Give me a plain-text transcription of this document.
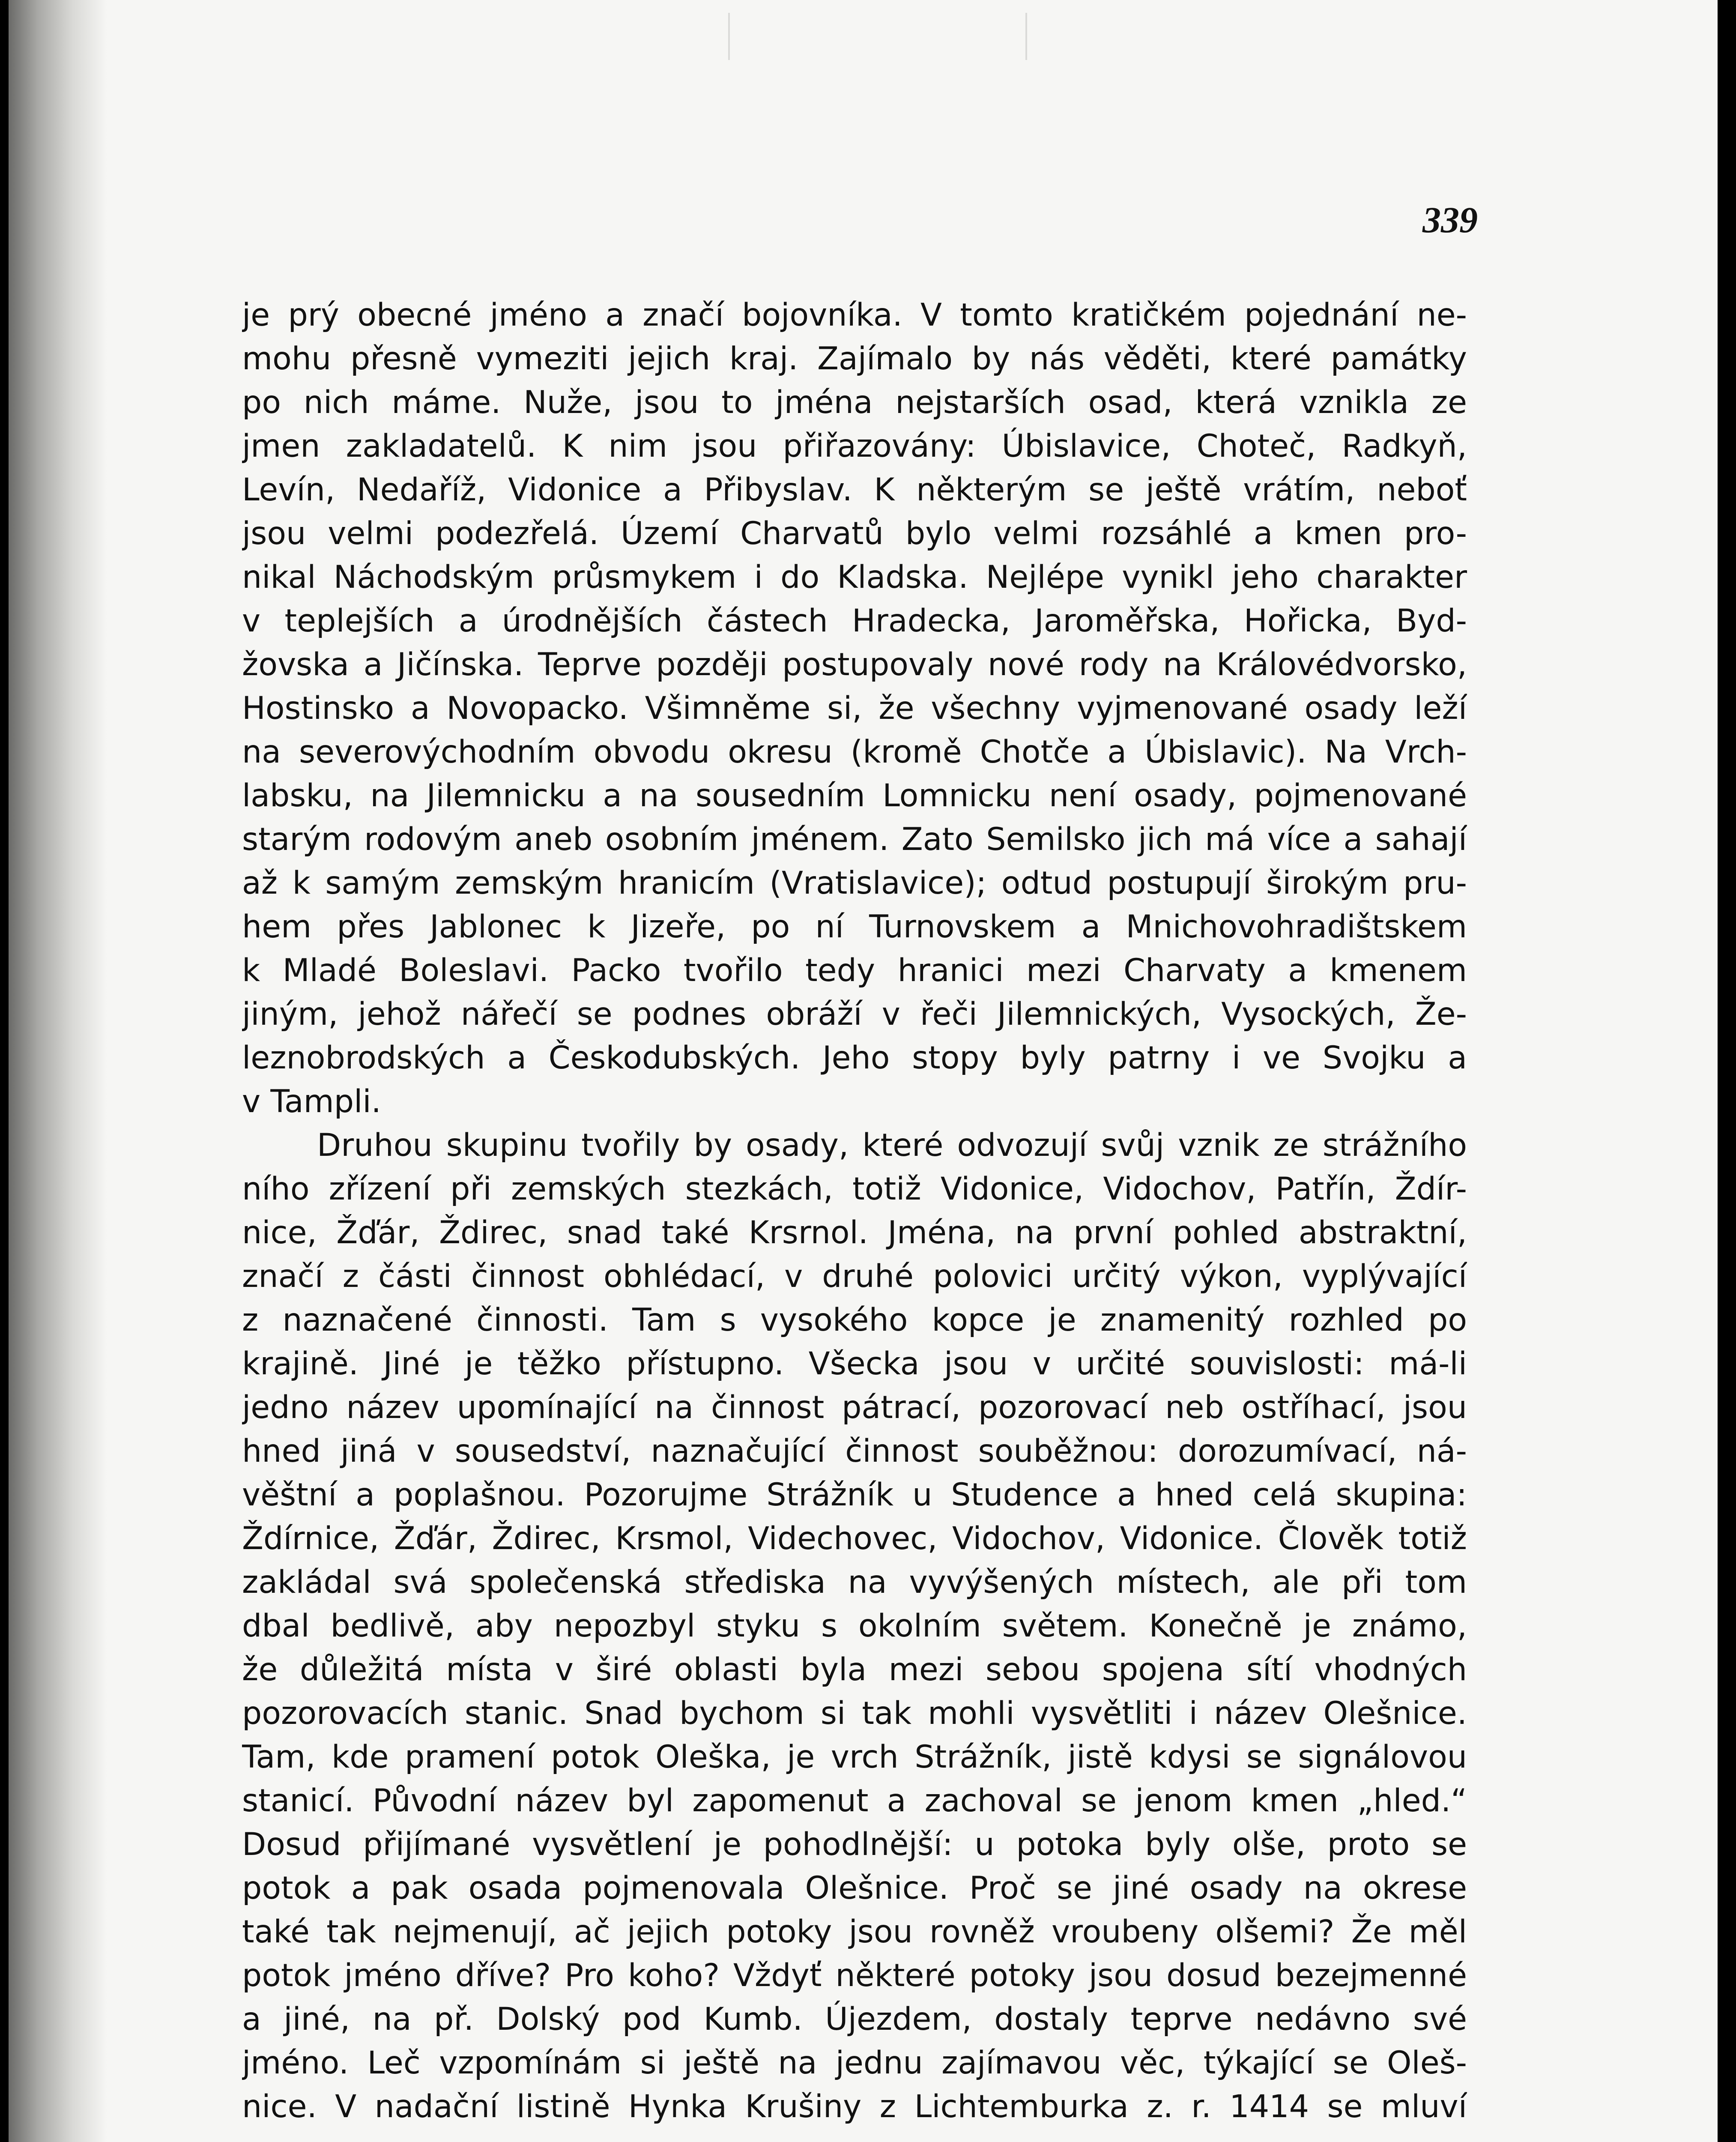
339
je prý obecné jméno a značí bojovníka. V tomto kratičkém pojednání ne-
mohu přesně vymeziti jejich kraj. Zajímalo by nás věděti, které památky
po nich máme. Nuže, jsou to jména nejstarších osad, která vznikla ze
jmen zakladatelů. K nim jsou přiřazovány: Úbislavice, Choteč, Radkyň,
Levín, Nedaříž, Vidonice a Přibyslav. K některým se ještě vrátím, neboť
jsou velmi podezřelá. Území Charvatů bylo velmi rozsáhlé a kmen pro-
nikal Náchodským průsmykem i do Kladska. Nejlépe vynikl jeho charakter
v teplejších a úrodnějších částech Hradecka, Jaroměřska, Hořicka, Byd-
žovska a Jičínska. Teprve později postupovaly nové rody na Královédvorsko,
Hostinsko a Novopacko. Všimněme si, že všechny vyjmenované osady leží
na severovýchodním obvodu okresu (kromě Chotče a Úbislavic). Na Vrch-
labsku, na Jilemnicku a na sousedním Lomnicku není osady, pojmenované
starým rodovým aneb osobním jménem. Zato Semilsko jich má více a sahají
až k samým zemským hranicím (Vratislavice); odtud postupují širokým pru-
hem přes Jablonec k Jizeře, po ní Turnovskem a Mnichovohradištskem
k Mladé Boleslavi. Packo tvořilo tedy hranici mezi Charvaty a kmenem
jiným, jehož nářečí se podnes obráží v řeči Jilemnických, Vysockých, Že-
leznobrodských a Českodubských. Jeho stopy byly patrny i ve Svojku a
v Tampli.
Druhou skupinu tvořily by osady, které odvozují svůj vznik ze strážního
ního zřízení při zemských stezkách, totiž Vidonice, Vidochov, Patřín, Ždír-
nice, Žďár, Ždirec, snad také Krsrnol. Jména, na první pohled abstraktní,
značí z části činnost obhlédací, v druhé polovici určitý výkon, vyplývající
z naznačené činnosti. Tam s vysokého kopce je znamenitý rozhled po
krajině. Jiné je těžko přístupno. Všecka jsou v určité souvislosti: má-li
jedno název upomínající na činnost pátrací, pozorovací neb ostříhací, jsou
hned jiná v sousedství, naznačující činnost souběžnou: dorozumívací, ná-
věštní a poplašnou. Pozorujme Strážník u Studence a hned celá skupina:
Ždírnice, Žďár, Ždirec, Krsmol, Videchovec, Vidochov, Vidonice. Člověk totiž
zakládal svá společenská střediska na vyvýšených místech, ale při tom
dbal bedlivě, aby nepozbyl styku s okolním světem. Konečně je známo,
že důležitá místa v širé oblasti byla mezi sebou spojena sítí vhodných
pozorovacích stanic. Snad bychom si tak mohli vysvětliti i název Olešnice.
Tam, kde pramení potok Oleška, je vrch Strážník, jistě kdysi se signálovou
stanicí. Původní název byl zapomenut a zachoval se jenom kmen „hled.“
Dosud přijímané vysvětlení je pohodlnější: u potoka byly olše, proto se
potok a pak osada pojmenovala Olešnice. Proč se jiné osady na okrese
také tak nejmenují, ač jejich potoky jsou rovněž vroubeny olšemi? Že měl
potok jméno dříve? Pro koho? Vždyť některé potoky jsou dosud bezejmenné
a jiné, na př. Dolský pod Kumb. Újezdem, dostaly teprve nedávno své
jméno. Leč vzpomínám si ještě na jednu zajímavou věc, týkající se Oleš-
nice. V nadační listině Hynka Krušiny z Lichtemburka z. r. 1414 se mluví
